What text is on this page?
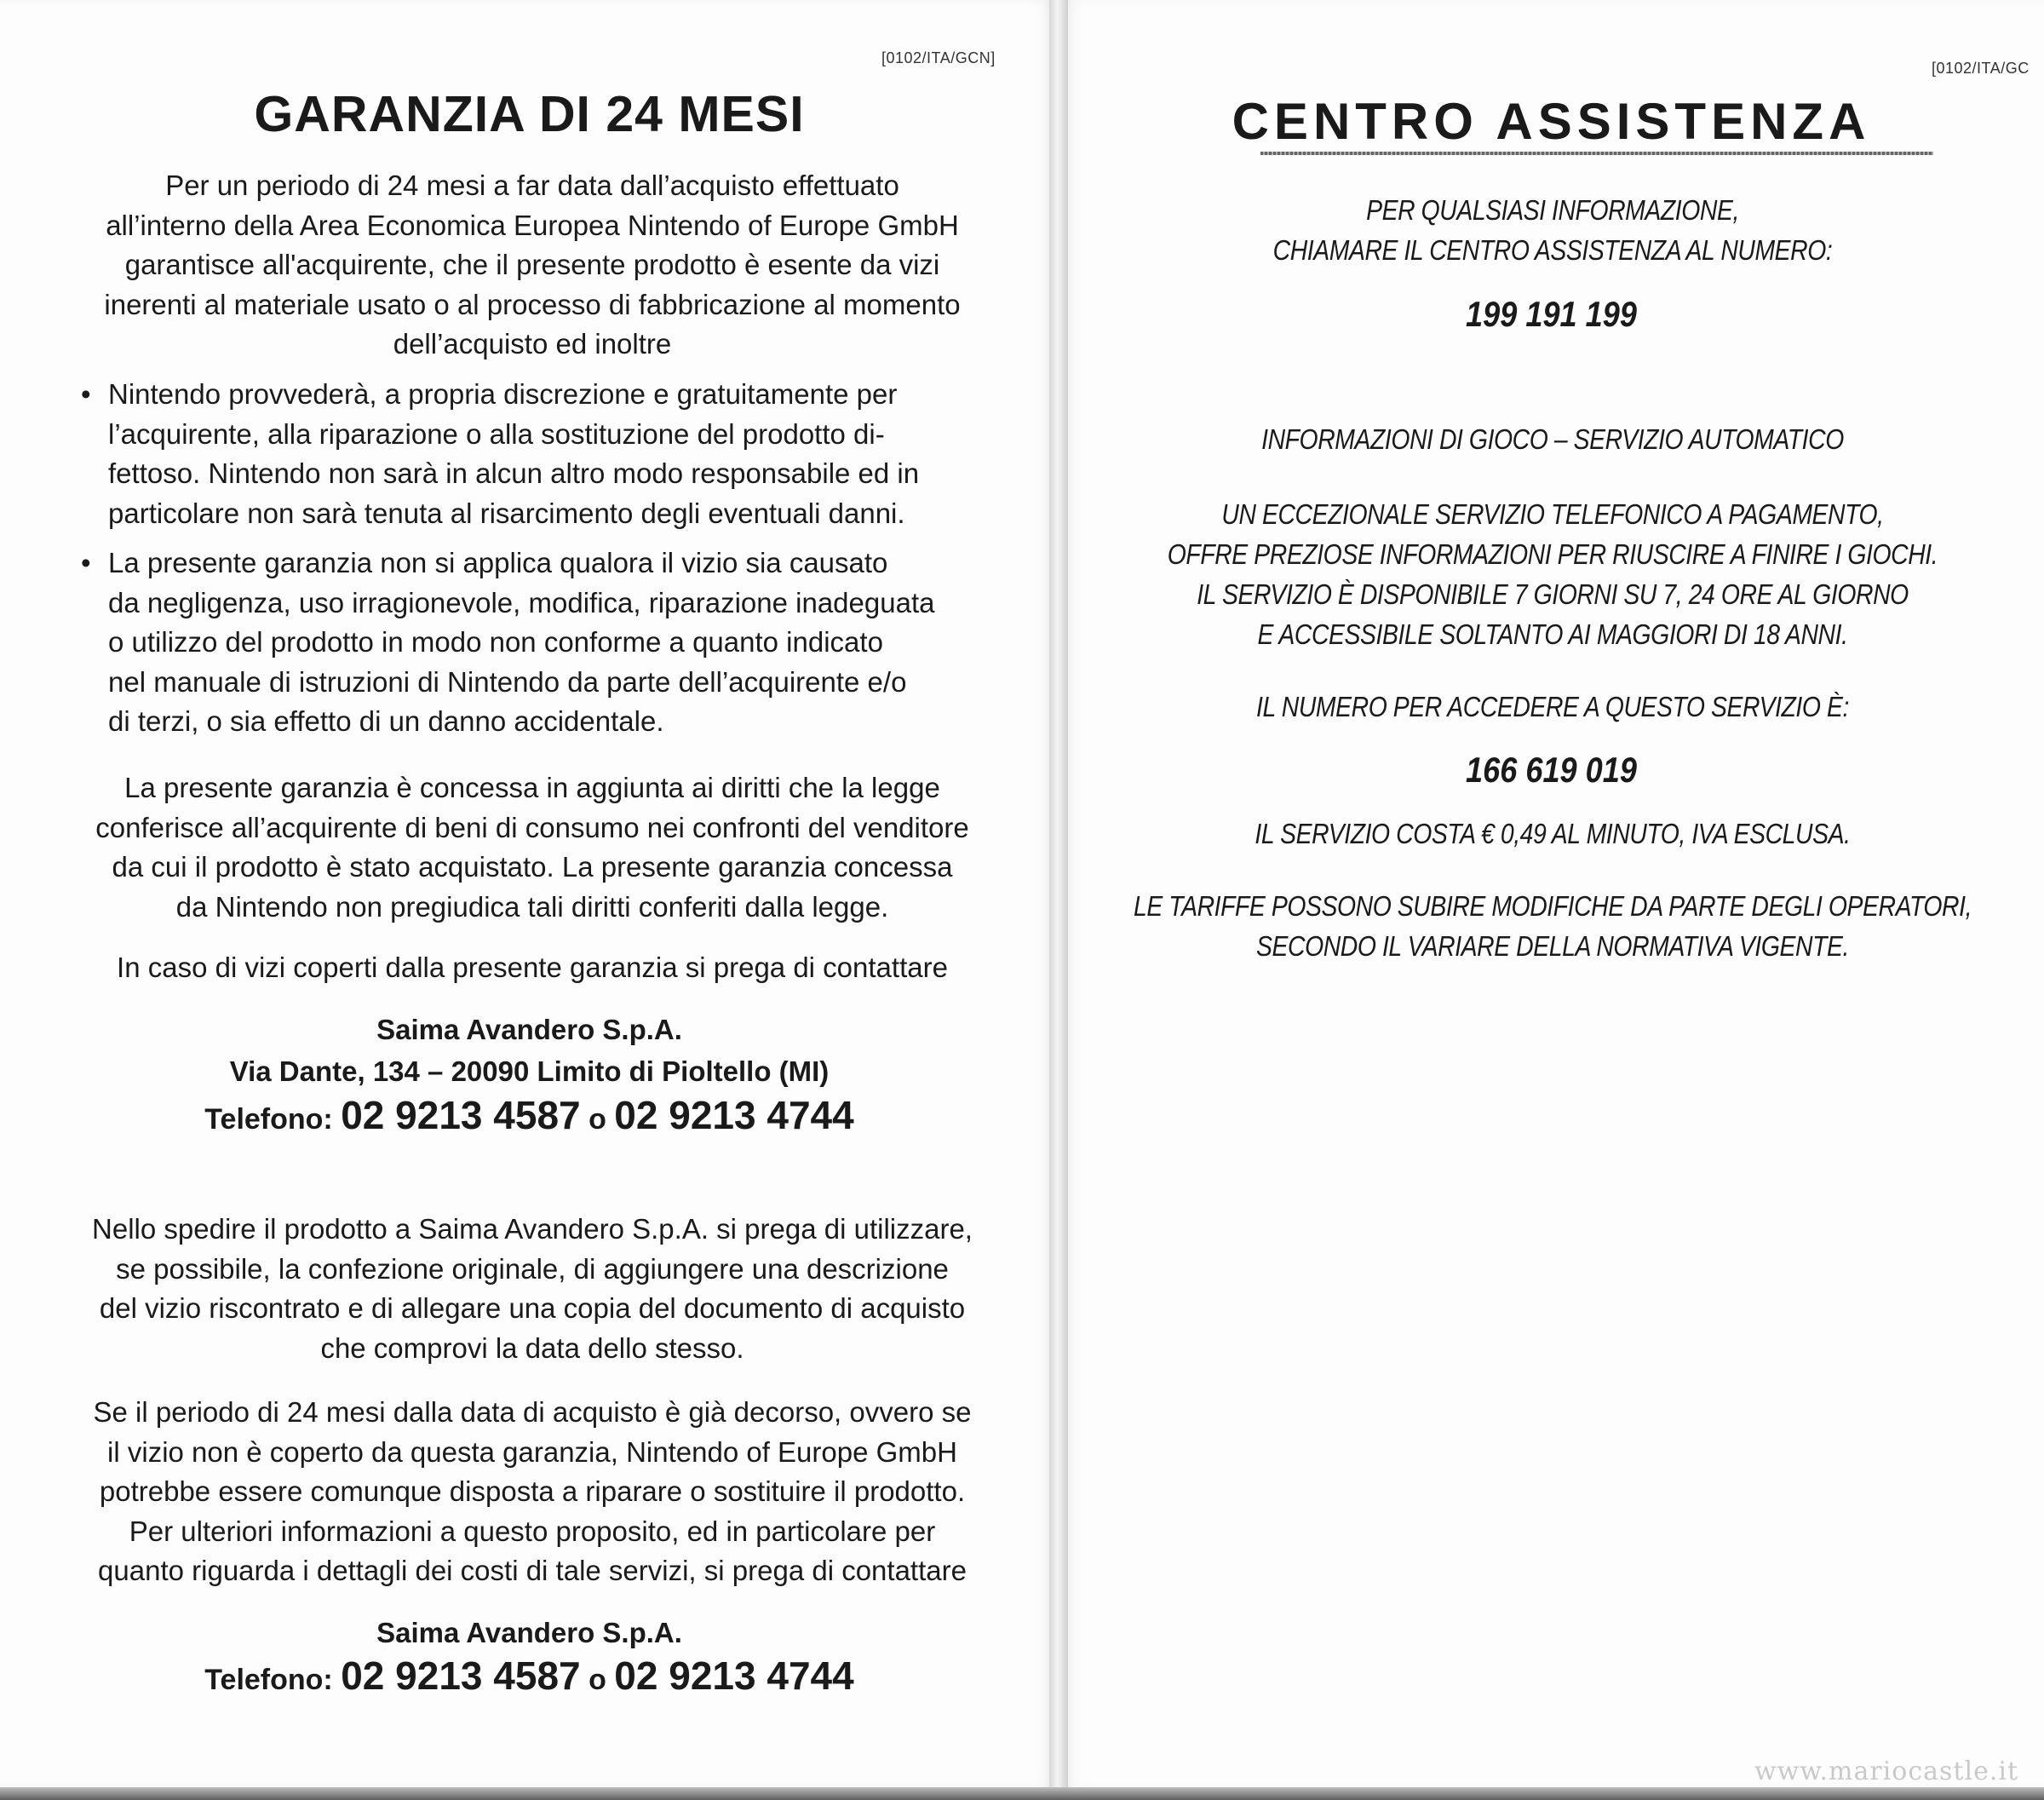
[0102/ITA/GCN]
GARANZIA DI 24 MESI

Per un periodo di 24 mesi a far data dall’acquisto effettuato
all’interno della Area Economica Europea Nintendo of Europe GmbH
garantisce all'acquirente, che il presente prodotto è esente da vizi
inerenti al materiale usato o al processo di fabbricazione al momento
dell’acquisto ed inoltre

• Nintendo provvederà, a propria discrezione e gratuitamente per
l’acquirente, alla riparazione o alla sostituzione del prodotto di-
fettoso. Nintendo non sarà in alcun altro modo responsabile ed in
particolare non sarà tenuta al risarcimento degli eventuali danni.
• La presente garanzia non si applica qualora il vizio sia causato
da negligenza, uso irragionevole, modifica, riparazione inadeguata
o utilizzo del prodotto in modo non conforme a quanto indicato
nel manuale di istruzioni di Nintendo da parte dell’acquirente e/o
di terzi, o sia effetto di un danno accidentale.

La presente garanzia è concessa in aggiunta ai diritti che la legge
conferisce all’acquirente di beni di consumo nei confronti del venditore
da cui il prodotto è stato acquistato. La presente garanzia concessa
da Nintendo non pregiudica tali diritti conferiti dalla legge.

In caso di vizi coperti dalla presente garanzia si prega di contattare

Saima Avandero S.p.A.
Via Dante, 134 – 20090 Limito di Pioltello (MI)

Telefono: 02 9213 4587 o 02 9213 4744

Nello spedire il prodotto a Saima Avandero S.p.A. si prega di utilizzare,
se possibile, la confezione originale, di aggiungere una descrizione
del vizio riscontrato e di allegare una copia del documento di acquisto
che comprovi la data dello stesso.

Se il periodo di 24 mesi dalla data di acquisto è già decorso, ovvero se
il vizio non è coperto da questa garanzia, Nintendo of Europe GmbH
potrebbe essere comunque disposta a riparare o sostituire il prodotto.
Per ulteriori informazioni a questo proposito, ed in particolare per
quanto riguarda i dettagli dei costi di tale servizi, si prega di contattare

Saima Avandero S.p.A.

Telefono: 02 9213 4587 o 02 9213 4744

[0102/ITA/GC
CENTRO ASSISTENZA
PER QUALSIASI INFORMAZIONE,
CHIAMARE IL CENTRO ASSISTENZA AL NUMERO:
199 191 199
INFORMAZIONI DI GIOCO – SERVIZIO AUTOMATICO
UN ECCEZIONALE SERVIZIO TELEFONICO A PAGAMENTO,
OFFRE PREZIOSE INFORMAZIONI PER RIUSCIRE A FINIRE I GIOCHI.
IL SERVIZIO È DISPONIBILE 7 GIORNI SU 7, 24 ORE AL GIORNO
E ACCESSIBILE SOLTANTO AI MAGGIORI DI 18 ANNI.
IL NUMERO PER ACCEDERE A QUESTO SERVIZIO È:
166 619 019
IL SERVIZIO COSTA € 0,49 AL MINUTO, IVA ESCLUSA.
LE TARIFFE POSSONO SUBIRE MODIFICHE DA PARTE DEGLI OPERATORI,
SECONDO IL VARIARE DELLA NORMATIVA VIGENTE.
www.mariocastle.it
